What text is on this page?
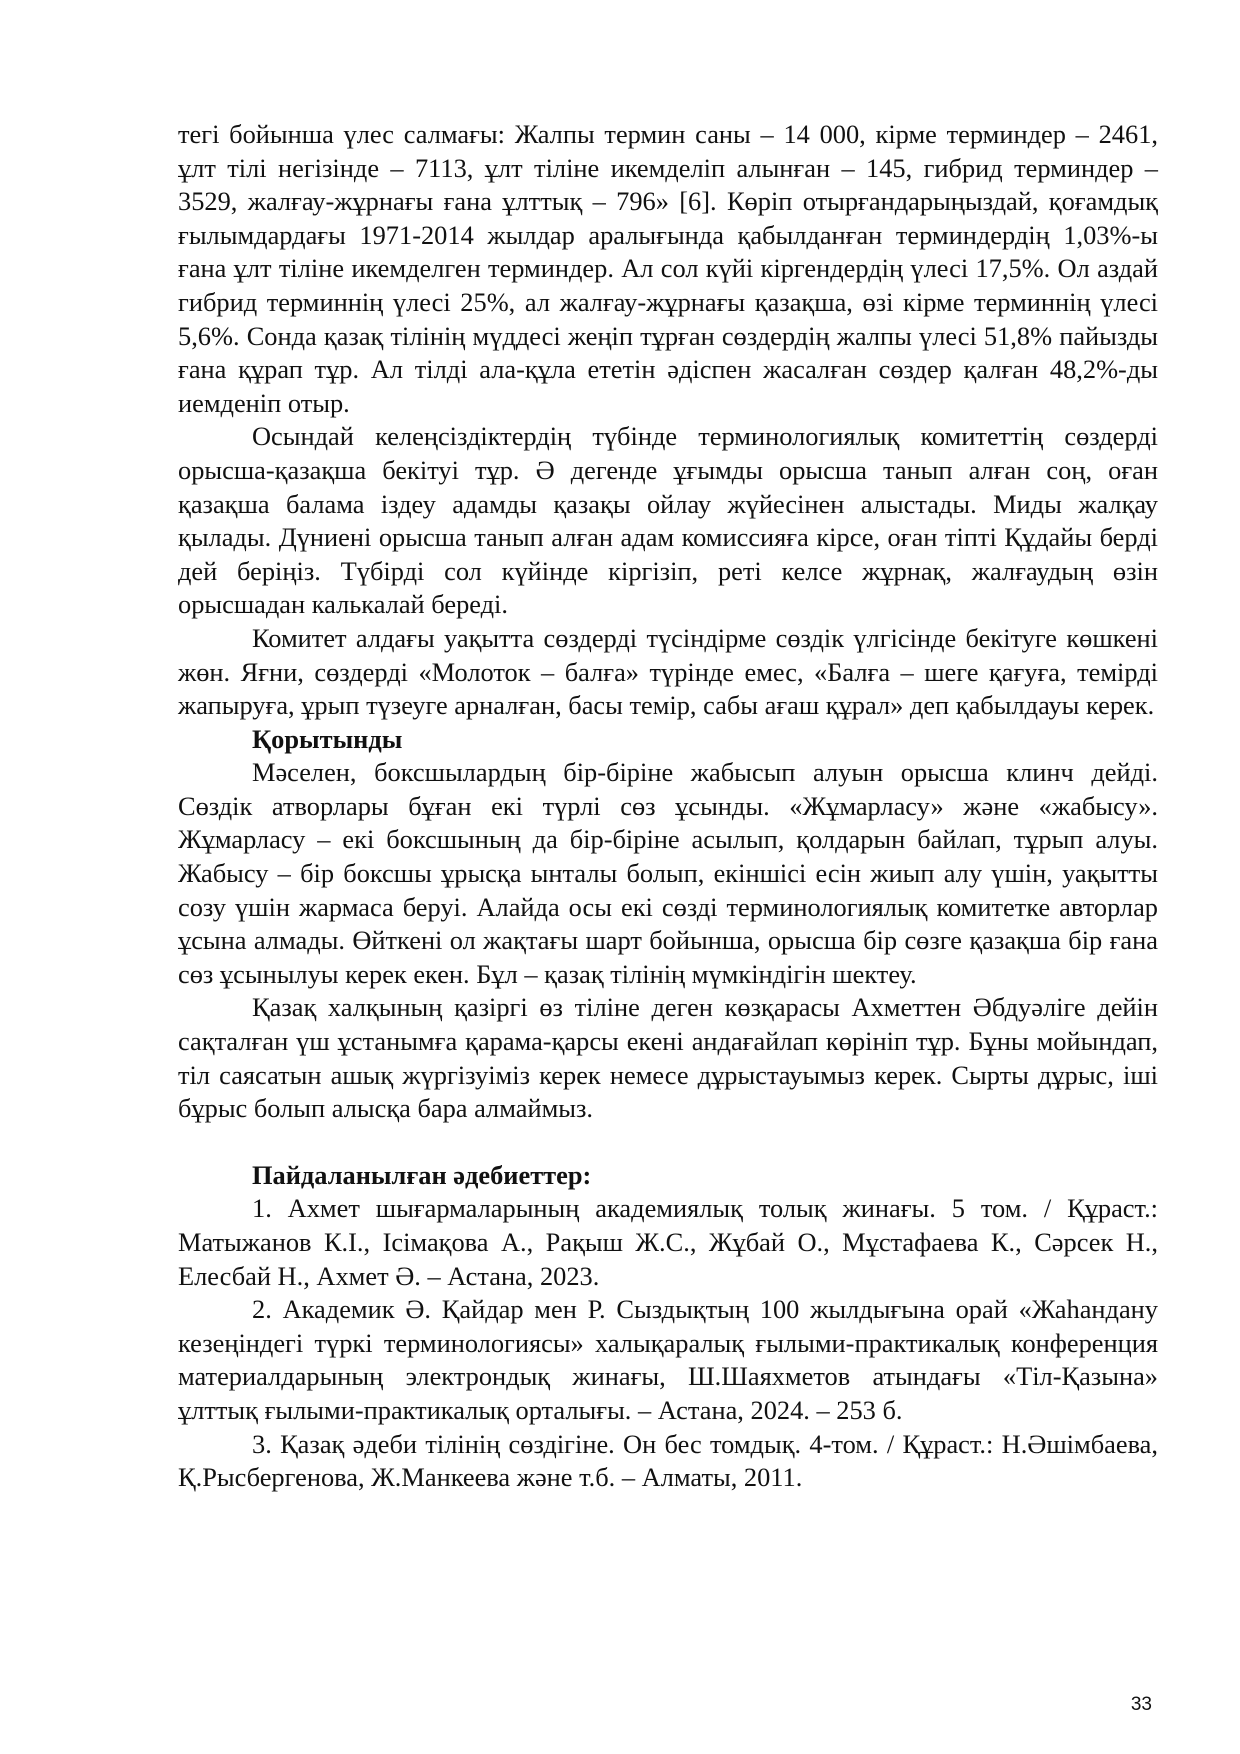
тегі бойынша үлес салмағы: Жалпы термин саны – 14 000, кірме терминдер – 2461, ұлт тілі негізінде – 7113, ұлт тіліне икемделіп алынған – 145, гибрид терминдер – 3529, жалғау-жұрнағы ғана ұлттық – 796» [6]. Көріп отырғандарыңыздай, қоғамдық ғылымдардағы 1971-2014 жылдар аралығында қабылданған терминдердің 1,03%-ы ғана ұлт тіліне икемделген терминдер. Ал сол күйі кіргендердің үлесі 17,5%. Ол аздай гибрид терминнің үлесі 25%, ал жалғау-жұрнағы қазақша, өзі кірме терминнің үлесі 5,6%. Сонда қазақ тілінің мүддесі жеңіп тұрған сөздердің жалпы үлесі 51,8% пайызды ғана құрап тұр. Ал тілді ала-құла ететін әдіспен жасалған сөздер қалған 48,2%-ды иемденіп отыр.

Осындай келеңсіздіктердің түбінде терминологиялық комитеттің сөздерді орысша-қазақша бекітуі тұр. Ә дегенде ұғымды орысша танып алған соң, оған қазақша балама іздеу адамды қазақы ойлау жүйесінен алыстады. Миды жалқау қылады. Дүниені орысша танып алған адам комиссияға кірсе, оған тіпті Құдайы берді дей беріңіз. Түбірді сол күйінде кіргізіп, реті келсе жұрнақ, жалғаудың өзін орысшадан калькалай береді.

Комитет алдағы уақытта сөздерді түсіндірме сөздік үлгісінде бекітуге көшкені жөн. Яғни, сөздерді «Молоток – балға» түрінде емес, «Балға – шеге қағуға, темірді жапыруға, ұрып түзеуге арналған, басы темір, сабы ағаш құрал» деп қабылдауы керек.

Қорытынды

Мәселен, боксшылардың бір-біріне жабысып алуын орысша клинч дейді. Сөздік атворлары бұған екі түрлі сөз ұсынды. «Жұмарласу» және «жабысу». Жұмарласу – екі боксшының да бір-біріне асылып, қолдарын байлап, тұрып алуы. Жабысу – бір боксшы ұрысқа ынталы болып, екіншісі есін жиып алу үшін, уақытты созу үшін жармаса беруі. Алайда осы екі сөзді терминологиялық комитетке авторлар ұсына алмады. Өйткені ол жақтағы шарт бойынша, орысша бір сөзге қазақша бір ғана сөз ұсынылуы керек екен. Бұл – қазақ тілінің мүмкіндігін шектеу.

Қазақ халқының қазіргі өз тіліне деген көзқарасы Ахметтен Әбдуәліге дейін сақталған үш ұстанымға қарама-қарсы екені андағайлап көрініп тұр. Бұны мойындап, тіл саясатын ашық жүргізуіміз керек немесе дұрыстауымыз керек. Сырты дұрыс, іші бұрыс болып алысқа бара алмаймыз.

Пайдаланылған әдебиеттер:

1. Ахмет шығармаларының академиялық толық жинағы. 5 том. / Құраст.: Матыжанов К.І., Ісімақова А., Рақыш Ж.С., Жұбай О., Мұстафаева К., Сәрсек Н., Елесбай Н., Ахмет Ә. – Астана, 2023.

2. Академик Ә. Қайдар мен Р. Сыздықтың 100 жылдығына орай «Жаһандану кезеңіндегі түркі терминологиясы» халықаралық ғылыми-практикалық конференция материалдарының электрондық жинағы, Ш.Шаяхметов атындағы «Тіл-Қазына» ұлттық ғылыми-практикалық орталығы. – Астана, 2024. – 253 б.

3. Қазақ әдеби тілінің сөздігіне. Он бес томдық. 4-том. / Құраст.: Н.Әшімбаева, Қ.Рысбергенова, Ж.Манкеева және т.б. – Алматы, 2011.

33
